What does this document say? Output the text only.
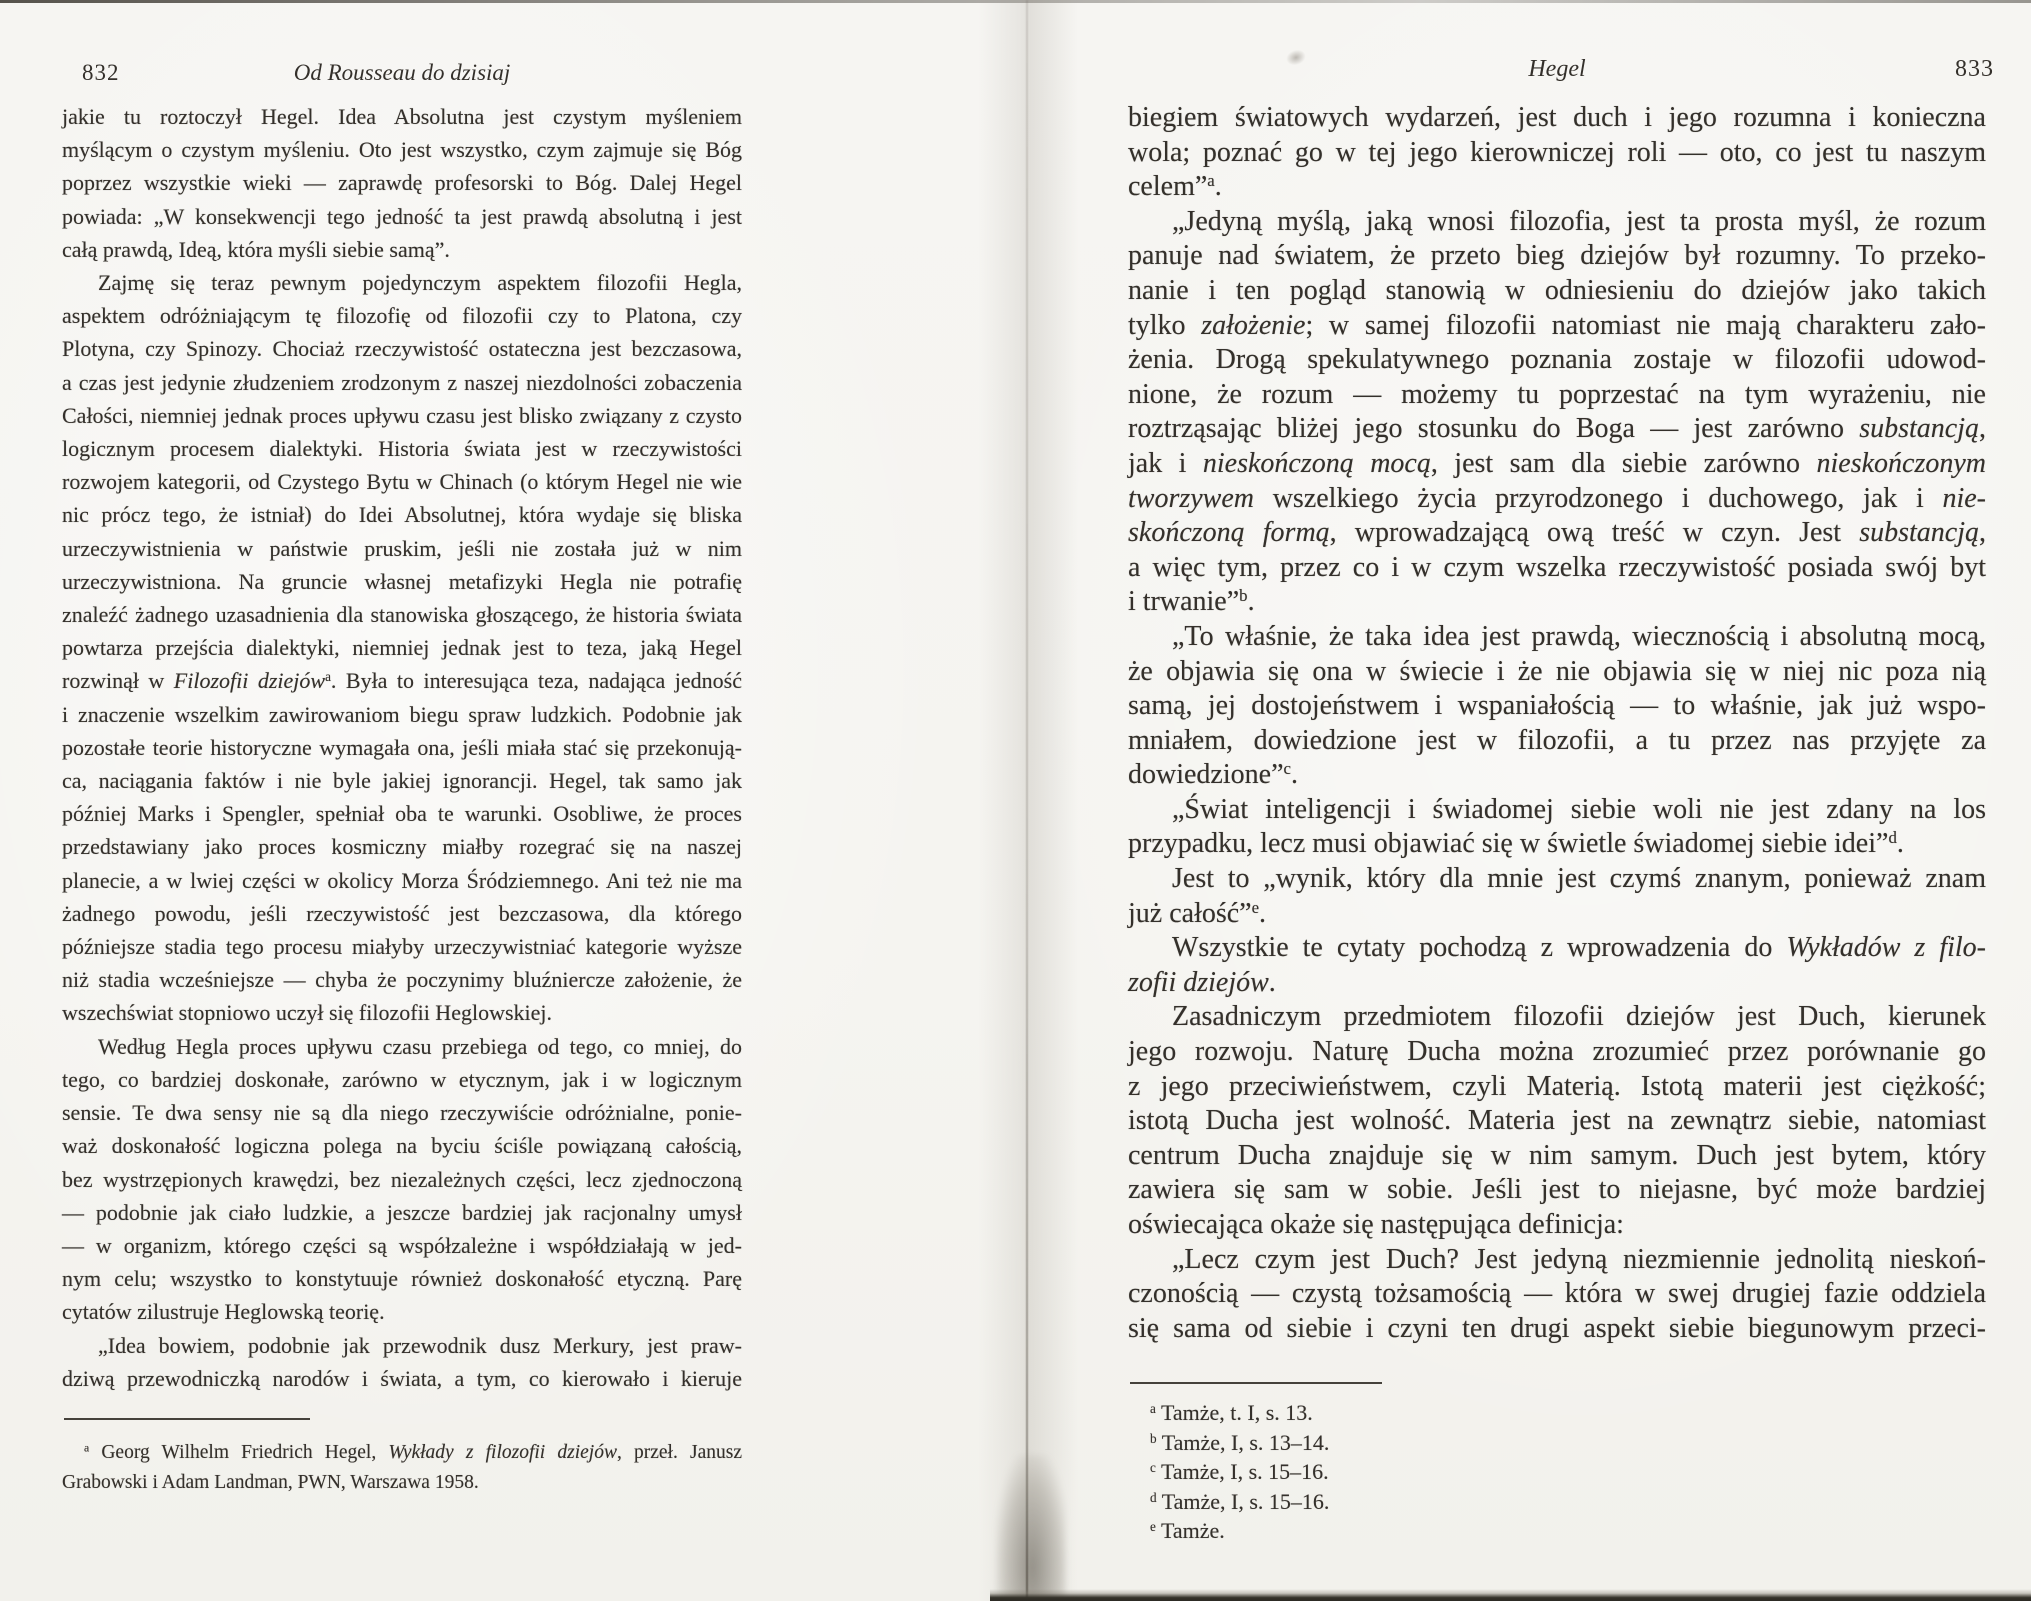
832	Od Rousseau do dzisiaj
jakie tu roztoczył Hegel. Idea Absolutna jest czystym myśleniem
myślącym o czystym myśleniu. Oto jest wszystko, czym zajmuje się Bóg
poprzez wszystkie wieki — zaprawdę profesorski to Bóg. Dalej Hegel
powiada: „W konsekwencji tego jedność ta jest prawdą absolutną i jest
całą prawdą, Ideą, która myśli siebie samą”.
Zajmę się teraz pewnym pojedynczym aspektem filozofii Hegla,
aspektem odróżniającym tę filozofię od filozofii czy to Platona, czy
Plotyna, czy Spinozy. Chociaż rzeczywistość ostateczna jest bezczasowa,
a czas jest jedynie złudzeniem zrodzonym z naszej niezdolności zobaczenia
Całości, niemniej jednak proces upływu czasu jest blisko związany z czysto
logicznym procesem dialektyki. Historia świata jest w rzeczywistości
rozwojem kategorii, od Czystego Bytu w Chinach (o którym Hegel nie wie
nic prócz tego, że istniał) do Idei Absolutnej, która wydaje się bliska
urzeczywistnienia w państwie pruskim, jeśli nie została już w nim
urzeczywistniona. Na gruncie własnej metafizyki Hegla nie potrafię
znaleźć żadnego uzasadnienia dla stanowiska głoszącego, że historia świata
powtarza przejścia dialektyki, niemniej jednak jest to teza, jaką Hegel
rozwinął w Filozofii dziejów$^a$. Była to interesująca teza, nadająca jedność
i znaczenie wszelkim zawirowaniom biegu spraw ludzkich. Podobnie jak
pozostałe teorie historyczne wymagała ona, jeśli miała stać się przekonują-
ca, naciągania faktów i nie byle jakiej ignorancji. Hegel, tak samo jak
później Marks i Spengler, spełniał oba te warunki. Osobliwe, że proces
przedstawiany jako proces kosmiczny miałby rozegrać się na naszej
planecie, a w lwiej części w okolicy Morza Śródziemnego. Ani też nie ma
żadnego powodu, jeśli rzeczywistość jest bezczasowa, dla którego
późniejsze stadia tego procesu miałyby urzeczywistniać kategorie wyższe
niż stadia wcześniejsze — chyba że poczynimy bluźniercze założenie, że
wszechświat stopniowo uczył się filozofii Heglowskiej.
Według Hegla proces upływu czasu przebiega od tego, co mniej, do
tego, co bardziej doskonałe, zarówno w etycznym, jak i w logicznym
sensie. Te dwa sensy nie są dla niego rzeczywiście odróżnialne, ponie-
waż doskonałość logiczna polega na byciu ściśle powiązaną całością,
bez wystrzępionych krawędzi, bez niezależnych części, lecz zjednoczoną
— podobnie jak ciało ludzkie, a jeszcze bardziej jak racjonalny umysł
— w organizm, którego części są współzależne i współdziałają w jed-
nym celu; wszystko to konstytuuje również doskonałość etyczną. Parę
cytatów zilustruje Heglowską teorię.
„Idea bowiem, podobnie jak przewodnik dusz Merkury, jest praw-
dziwą przewodniczką narodów i świata, a tym, co kierowało i kieruje
$^a$ Georg Wilhelm Friedrich Hegel, Wykłady z filozofii dziejów, przeł. Janusz
Grabowski i Adam Landman, PWN, Warszawa 1958.
Hegel	833
biegiem światowych wydarzeń, jest duch i jego rozumna i konieczna
wola; poznać go w tej jego kierowniczej roli — oto, co jest tu naszym
celem”$^a$.
„Jedyną myślą, jaką wnosi filozofia, jest ta prosta myśl, że rozum
panuje nad światem, że przeto bieg dziejów był rozumny. To przeko-
nanie i ten pogląd stanowią w odniesieniu do dziejów jako takich
tylko założenie; w samej filozofii natomiast nie mają charakteru zało-
żenia. Drogą spekulatywnego poznania zostaje w filozofii udowod-
nione, że rozum — możemy tu poprzestać na tym wyrażeniu, nie
roztrząsając bliżej jego stosunku do Boga — jest zarówno substancją,
jak i nieskończoną mocą, jest sam dla siebie zarówno nieskończonym
tworzywem wszelkiego życia przyrodzonego i duchowego, jak i nie-
skończoną formą, wprowadzającą ową treść w czyn. Jest substancją,
a więc tym, przez co i w czym wszelka rzeczywistość posiada swój byt
i trwanie”$^b$.
„To właśnie, że taka idea jest prawdą, wiecznością i absolutną mocą,
że objawia się ona w świecie i że nie objawia się w niej nic poza nią
samą, jej dostojeństwem i wspaniałością — to właśnie, jak już wspo-
mniałem, dowiedzione jest w filozofii, a tu przez nas przyjęte za
dowiedzione”$^c$.
„Świat inteligencji i świadomej siebie woli nie jest zdany na los
przypadku, lecz musi objawiać się w świetle świadomej siebie idei”$^d$.
Jest to „wynik, który dla mnie jest czymś znanym, ponieważ znam
już całość”$^e$.
Wszystkie te cytaty pochodzą z wprowadzenia do Wykładów z filo-
zofii dziejów.
Zasadniczym przedmiotem filozofii dziejów jest Duch, kierunek
jego rozwoju. Naturę Ducha można zrozumieć przez porównanie go
z jego przeciwieństwem, czyli Materią. Istotą materii jest ciężkość;
istotą Ducha jest wolność. Materia jest na zewnątrz siebie, natomiast
centrum Ducha znajduje się w nim samym. Duch jest bytem, który
zawiera się sam w sobie. Jeśli jest to niejasne, być może bardziej
oświecająca okaże się następująca definicja:
„Lecz czym jest Duch? Jest jedyną niezmiennie jednolitą nieskoń-
czonością — czystą tożsamością — która w swej drugiej fazie oddziela
się sama od siebie i czyni ten drugi aspekt siebie biegunowym przeci-
$^a$ Tamże, t. I, s. 13.
$^b$ Tamże, I, s. 13–14.
$^c$ Tamże, I, s. 15–16.
$^d$ Tamże, I, s. 15–16.
$^e$ Tamże.
